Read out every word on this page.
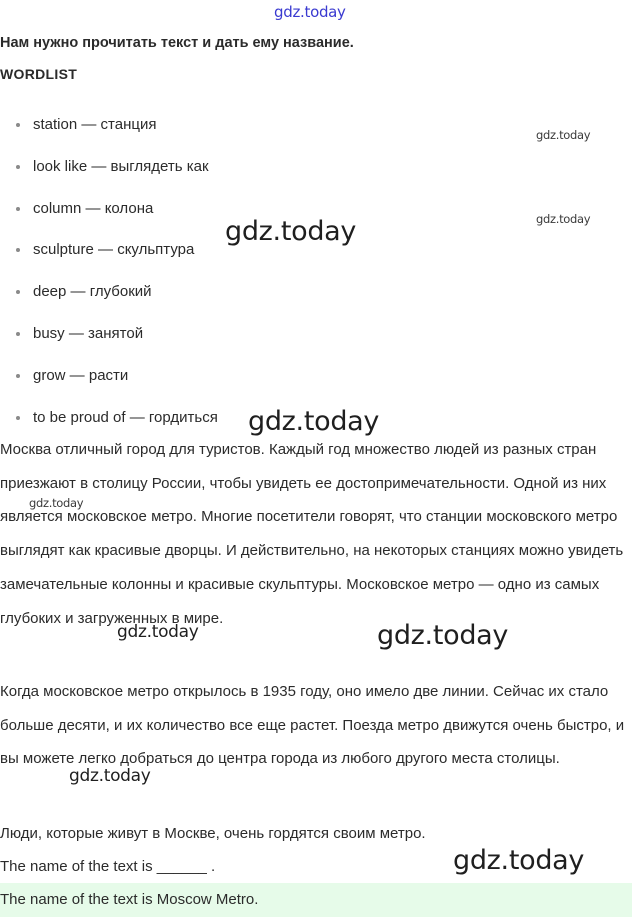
gdz.today
Нам нужно прочитать текст и дать ему название.
WORDLIST
station — станция
look like — выглядеть как
column — колона
sculpture — скульптура
deep — глубокий
busy — занятой
grow — расти
to be proud of — гордиться

Москва отличный город для туристов. Каждый год множество людей из разных стран приезжают в столицу России, чтобы увидеть ее достопримечательности. Одной из них является московское метро. Многие посетители говорят, что станции московского метро выглядят как красивые дворцы. И действительно, на некоторых станциях можно увидеть замечательные колонны и красивые скульптуры. Московское метро — одно из самых глубоких и загруженных в мире.

Когда московское метро открылось в 1935 году, оно имело две линии. Сейчас их стало больше десяти, и их количество все еще растет. Поезда метро движутся очень быстро, и вы можете легко добраться до центра города из любого другого места столицы.

Люди, которые живут в Москве, очень гордятся своим метро.

The name of the text is ______ .
The name of the text is Moscow Metro.
gdz.today
gdz.today
gdz.today
gdz.today
gdz.today
gdz.today	gdz.today
gdz.today
gdz.today
